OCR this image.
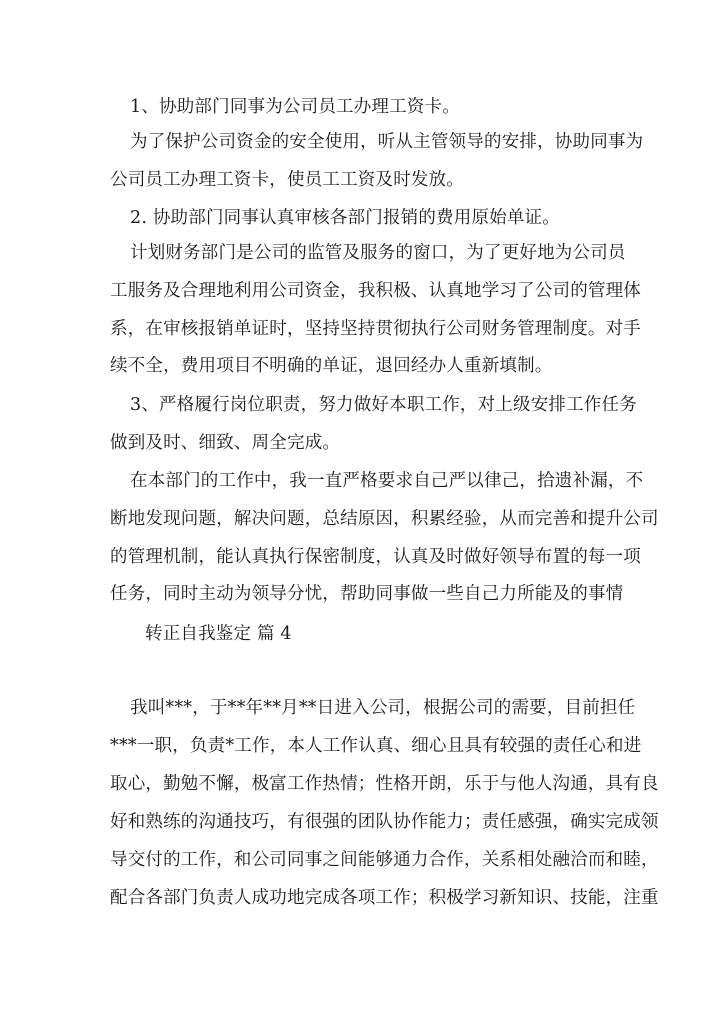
1、协助部门同事为公司员工办理工资卡。
为了保护公司资金的安全使用，听从主管领导的安排，协助同事为
公司员工办理工资卡，使员工工资及时发放。
2. 协助部门同事认真审核各部门报销的费用原始单证。
计划财务部门是公司的监管及服务的窗口，为了更好地为公司员
工服务及合理地利用公司资金，我积极、认真地学习了公司的管理体
系，在审核报销单证时，坚持坚持贯彻执行公司财务管理制度。对手
续不全，费用项目不明确的单证，退回经办人重新填制。
3、严格履行岗位职责，努力做好本职工作，对上级安排工作任务
做到及时、细致、周全完成。
在本部门的工作中，我一直严格要求自己严以律己，拾遗补漏，不
断地发现问题，解决问题，总结原因，积累经验，从而完善和提升公司
的管理机制，能认真执行保密制度，认真及时做好领导布置的每一项
任务，同时主动为领导分忧，帮助同事做一些自己力所能及的事情
转正自我鉴定 篇 4
我叫***，于**年**月**日进入公司，根据公司的需要，目前担任
***一职，负责*工作，本人工作认真、细心且具有较强的责任心和进
取心，勤勉不懈，极富工作热情；性格开朗，乐于与他人沟通，具有良
好和熟练的沟通技巧，有很强的团队协作能力；责任感强，确实完成领
导交付的工作，和公司同事之间能够通力合作，关系相处融洽而和睦，
配合各部门负责人成功地完成各项工作；积极学习新知识、技能，注重
